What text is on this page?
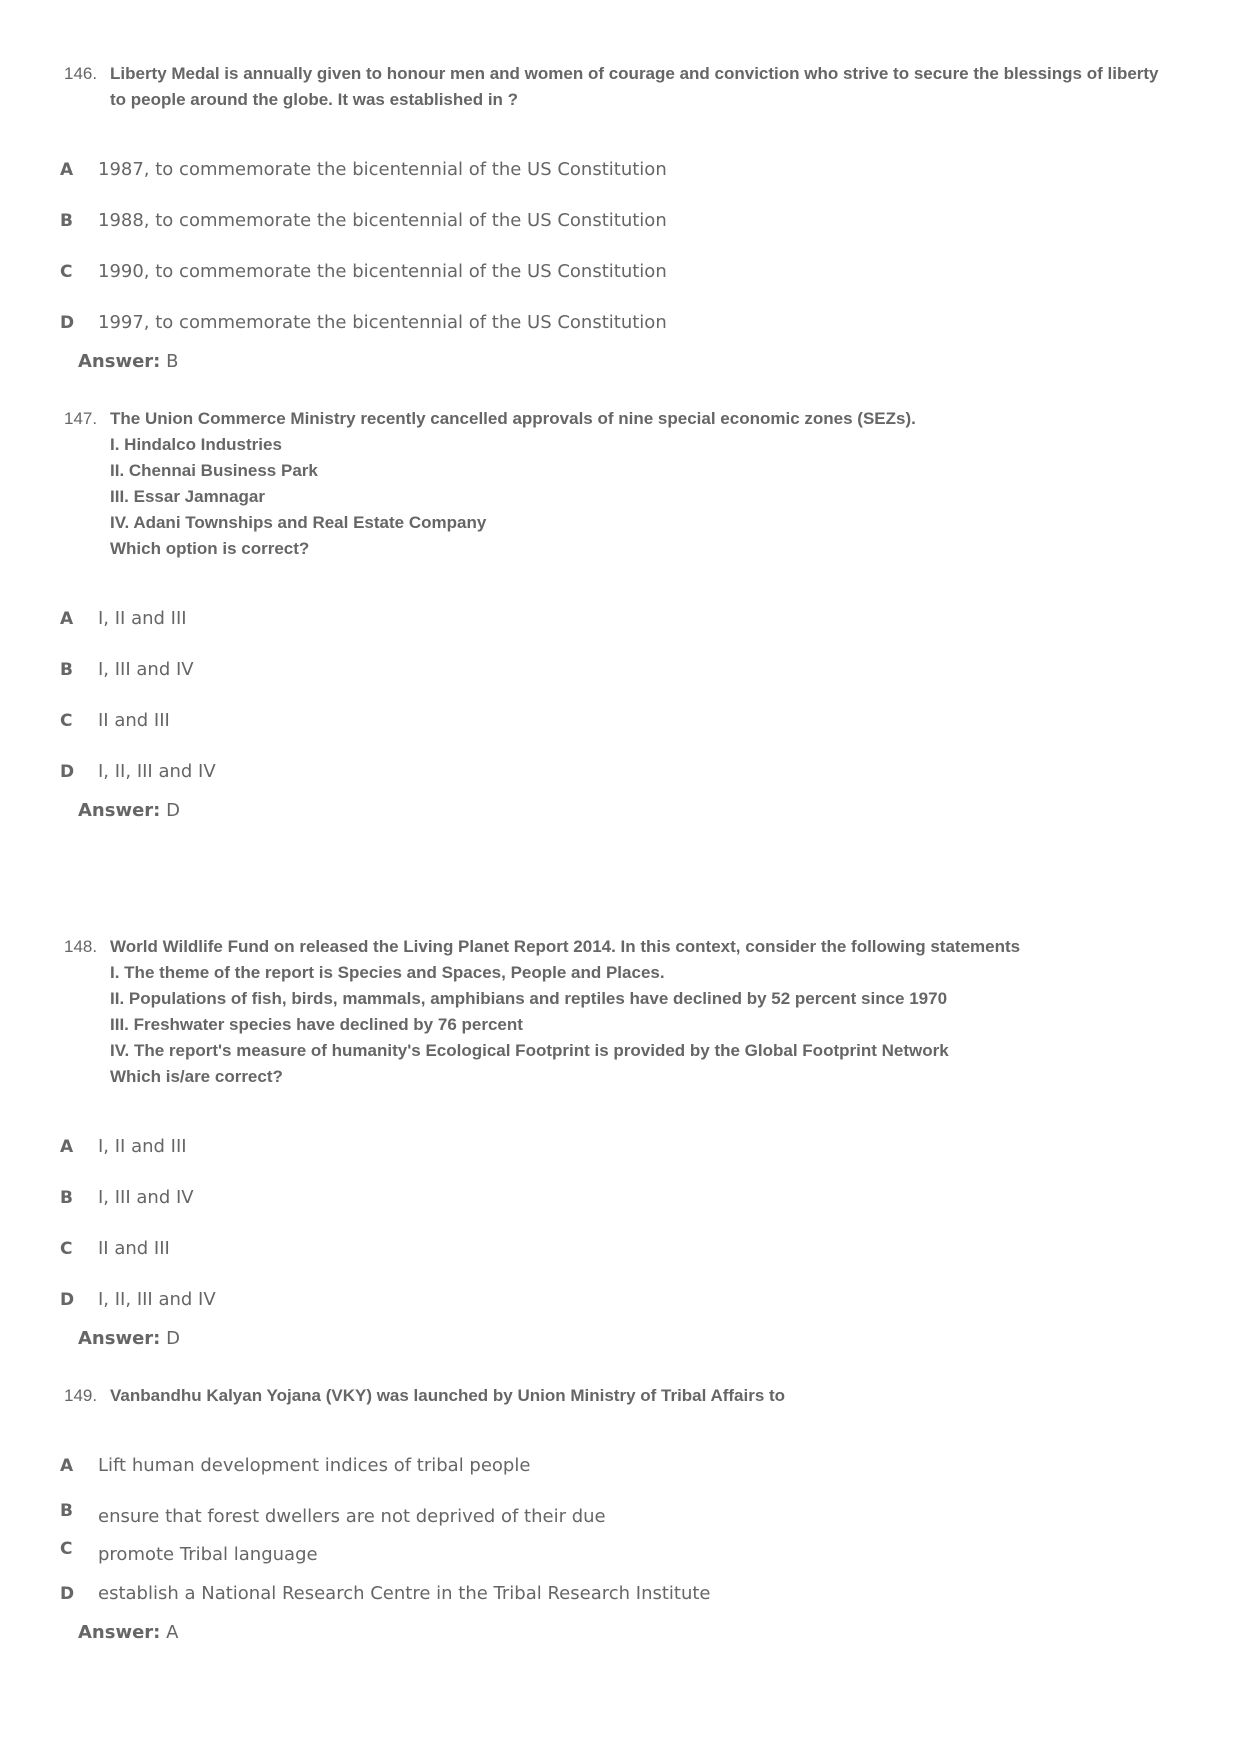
146. Liberty Medal is annually given to honour men and women of courage and conviction who strive to secure the blessings of liberty to people around the globe. It was established in ?
A 1987, to commemorate the bicentennial of the US Constitution
B 1988, to commemorate the bicentennial of the US Constitution
C 1990, to commemorate the bicentennial of the US Constitution
D 1997, to commemorate the bicentennial of the US Constitution
Answer: B
147. The Union Commerce Ministry recently cancelled approvals of nine special economic zones (SEZs).
I. Hindalco Industries
II. Chennai Business Park
III. Essar Jamnagar
IV. Adani Townships and Real Estate Company
Which option is correct?
A I, II and III
B I, III and IV
C II and III
D I, II, III and IV
Answer: D
148. World Wildlife Fund on released the Living Planet Report 2014. In this context, consider the following statements
I. The theme of the report is Species and Spaces, People and Places.
II. Populations of fish, birds, mammals, amphibians and reptiles have declined by 52 percent since 1970
III. Freshwater species have declined by 76 percent
IV. The report's measure of humanity's Ecological Footprint is provided by the Global Footprint Network
Which is/are correct?
A I, II and III
B I, III and IV
C II and III
D I, II, III and IV
Answer: D
149. Vanbandhu Kalyan Yojana (VKY) was launched by Union Ministry of Tribal Affairs to
A Lift human development indices of tribal people
B ensure that forest dwellers are not deprived of their due
C promote Tribal language
D establish a National Research Centre in the Tribal Research Institute
Answer: A
